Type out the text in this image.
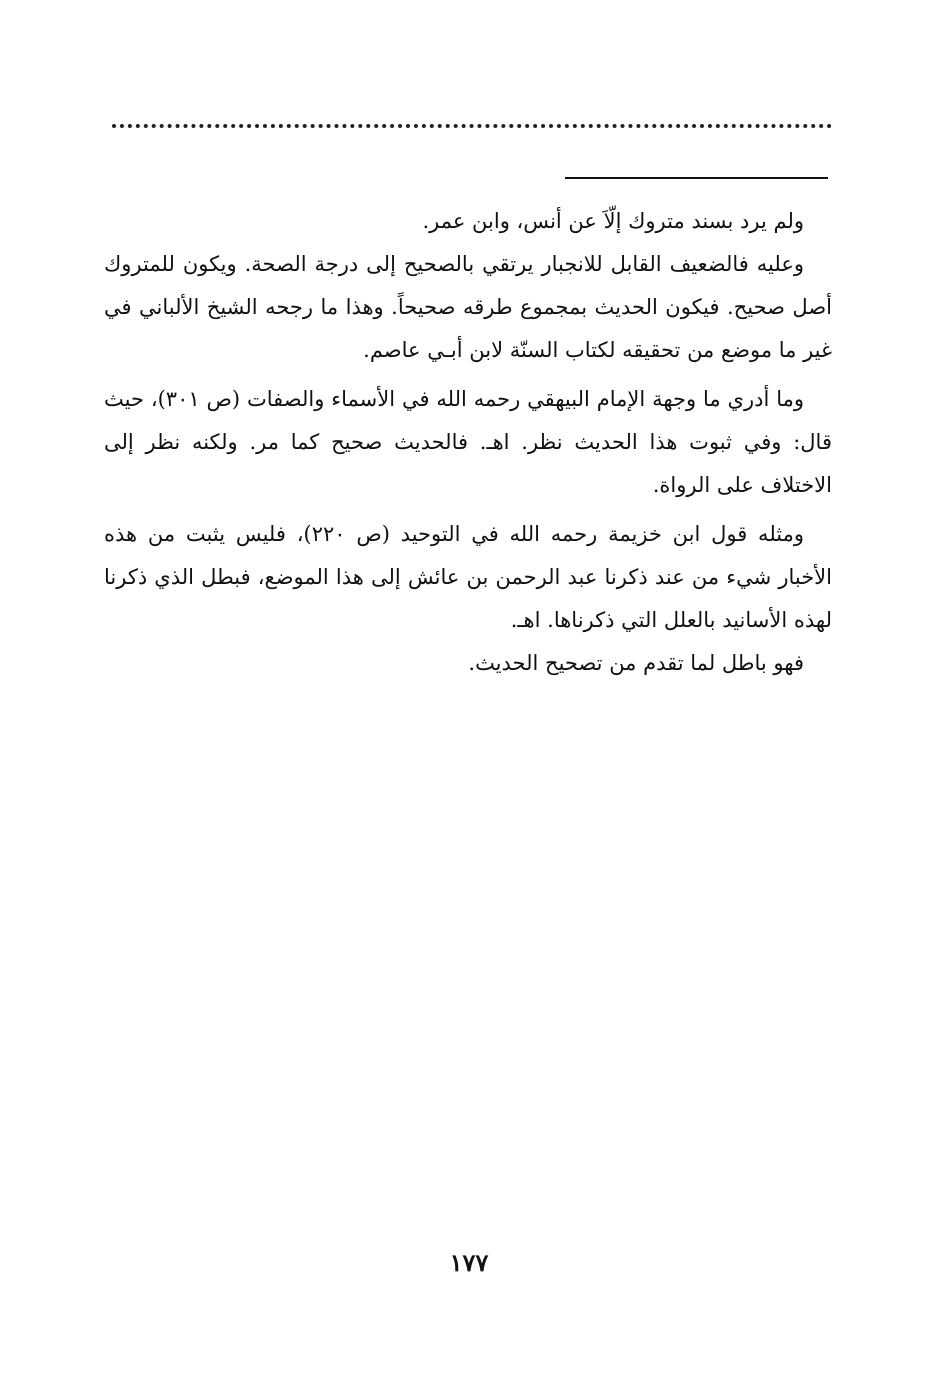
ولم يرد بسند متروك إلّاَ عن أنس، وابن عمر.

وعليه فالضعيف القابل للانجبار يرتقي بالصحيح إلى درجة الصحة. ويكون للمتروك أصل صحيح. فيكون الحديث بمجموع طرقه صحيحاً. وهذا ما رجحه الشيخ الألباني في غير ما موضع من تحقيقه لكتاب السنّة لابن أبـي عاصم.

وما أدري ما وجهة الإمام البيهقي رحمه الله في الأسماء والصفات (ص ٣٠١)، حيث قال: وفي ثبوت هذا الحديث نظر. اهـ. فالحديث صحيح كما مر. ولكنه نظر إلى الاختلاف على الرواة.

ومثله قول ابن خزيمة رحمه الله في التوحيد (ص ٢٢٠)، فليس يثبت من هذه الأخبار شيء من عند ذكرنا عبد الرحمن بن عائش إلى هذا الموضع، فبطل الذي ذكرنا لهذه الأسانيد بالعلل التي ذكرناها. اهـ.

فهو باطل لما تقدم من تصحيح الحديث.

١٧٧
